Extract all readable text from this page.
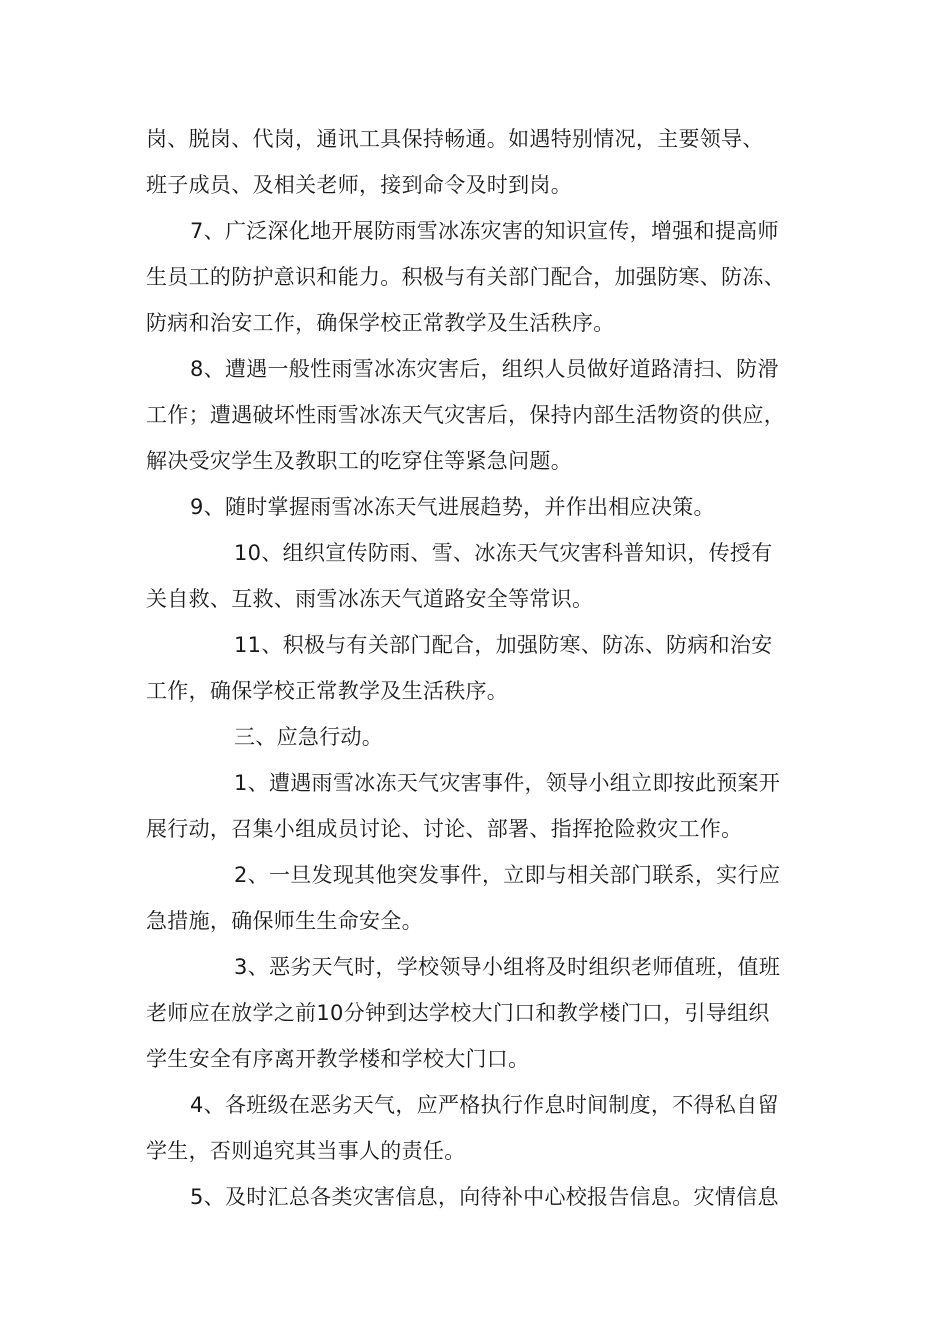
岗、脱岗、代岗，通讯工具保持畅通。如遇特别情况，主要领导、
班子成员、及相关老师，接到命令及时到岗。
7、广泛深化地开展防雨雪冰冻灾害的知识宣传，增强和提高师
生员工的防护意识和能力。积极与有关部门配合，加强防寒、防冻、
防病和治安工作，确保学校正常教学及生活秩序。
8、遭遇一般性雨雪冰冻灾害后，组织人员做好道路清扫、防滑
工作；遭遇破坏性雨雪冰冻天气灾害后，保持内部生活物资的供应，
解决受灾学生及教职工的吃穿住等紧急问题。
9、随时掌握雨雪冰冻天气进展趋势，并作出相应决策。
10、组织宣传防雨、雪、冰冻天气灾害科普知识，传授有
关自救、互救、雨雪冰冻天气道路安全等常识。
11、积极与有关部门配合，加强防寒、防冻、防病和治安
工作，确保学校正常教学及生活秩序。
三、应急行动。
1、遭遇雨雪冰冻天气灾害事件，领导小组立即按此预案开
展行动，召集小组成员讨论、讨论、部署、指挥抢险救灾工作。
2、一旦发现其他突发事件，立即与相关部门联系，实行应
急措施，确保师生生命安全。
3、恶劣天气时，学校领导小组将及时组织老师值班，值班
老师应在放学之前10分钟到达学校大门口和教学楼门口，引导组织
学生安全有序离开教学楼和学校大门口。
4、各班级在恶劣天气，应严格执行作息时间制度，不得私自留
学生，否则追究其当事人的责任。
5、及时汇总各类灾害信息，向待补中心校报告信息。灾情信息
